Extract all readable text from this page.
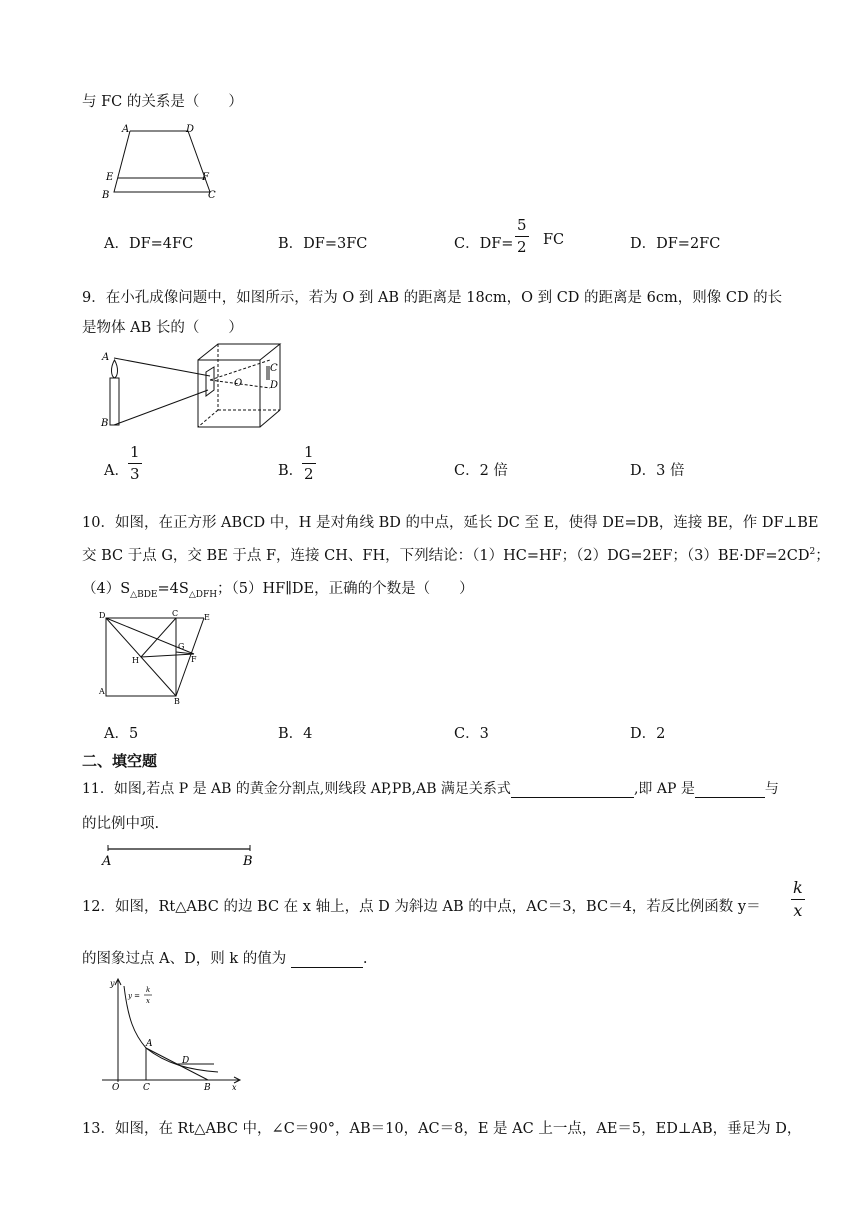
与 FC 的关系是（　　）
A	D
E	F
B	C
A．DF=4FC	B．DF=3FC	C．DF=
5
2 FC	D．DF=2FC
9．在小孔成像问题中，如图所示，若为 O 到 AB 的距离是 18cm，O 到 CD 的距离是 6cm，则像 CD 的长
是物体 AB 长的（　　）
A
B
C
D
O
A．
1
3	B．
1
2	C．2 倍	D．3 倍
10．如图，在正方形 ABCD 中，H 是对角线 BD 的中点，延长 DC 至 E，使得 DE=DB，连接 BE，作 DF⊥BE
交 BC 于点 G，交 BE 于点 F，连接 CH、FH，下列结论：（1）HC=HF；（2）DG=2EF；$(3)BE\cdot DF=2CD^2$；
$(4)S_{\triangle BDE}=4S_{\triangle DFH}$；（5）HF∥DE，正确的个数是（　　）
D	C	E
H
G
F
A
B
A．5	B．4	C．3	D．2
二、填空题
11．如图,若点 P 是 AB 的黄金分割点,则线段 AP,PB,AB 满足关系式	,即 AP 是	与
的比例中项.
A	B
12．如图，Rt△ABC 的边 BC 在 x 轴上，点 D 为斜边 AB 的中点，AC＝3，BC＝4，若反比例函数 y＝
k
x
的图象过点 A、D，则 k 的值为	.
y
y =
k
x
A
D
O	C	B	x
13．如图，在 Rt△ABC 中，∠C＝90°，AB＝10，AC＝8，E 是 AC 上一点，AE＝5，ED⊥AB，垂足为 D，
